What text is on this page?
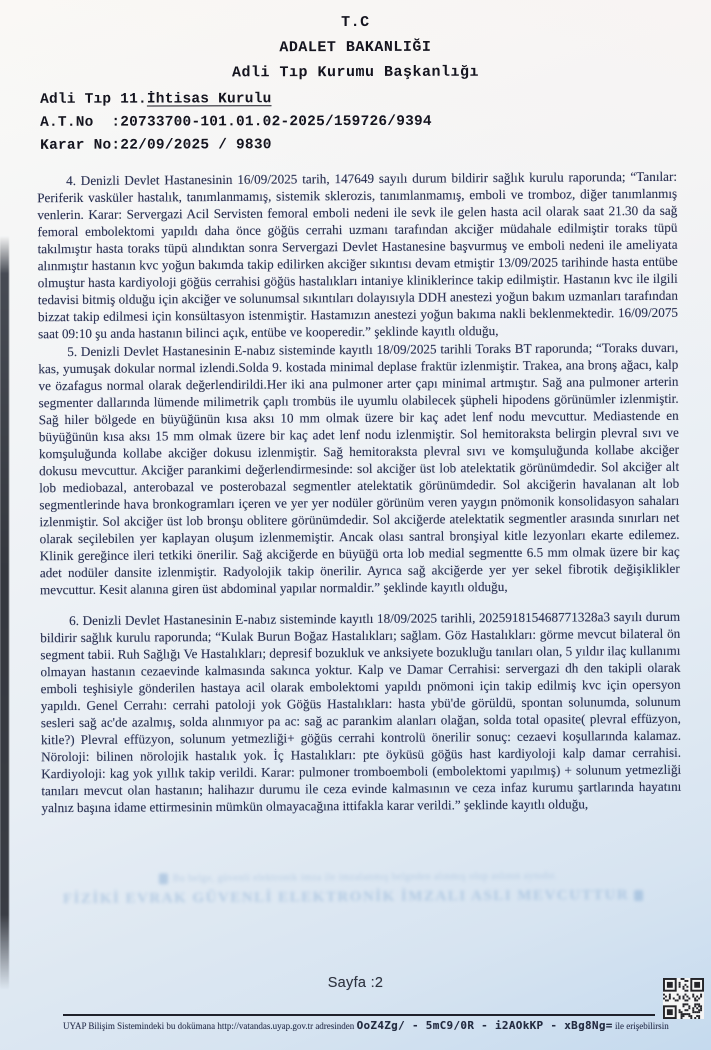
T.C
ADALET BAKANLIĞI
Adli Tıp Kurumu Başkanlığı
Adli Tıp 11.İhtisas Kurulu
A.T.No  :20733700-101.01.02-2025/159726/9394
Karar No:22/09/2025 / 9830

4. Denizli Devlet Hastanesinin 16/09/2025 tarih, 147649 sayılı durum bildirir sağlık kurulu raporunda; “Tanılar: Periferik vasküler hastalık, tanımlanmamış, sistemik sklerozis, tanımlanmamış, emboli ve tromboz, diğer tanımlanmış venlerin. Karar: Servergazi Acil Servisten femoral emboli nedeni ile sevk ile gelen hasta acil olarak saat 21.30 da sağ femoral embolektomi yapıldı daha önce göğüs cerrahi uzmanı tarafından akciğer müdahale edilmiştir toraks tüpü takılmıştır hasta toraks tüpü alındıktan sonra Servergazi Devlet Hastanesine başvurmuş ve emboli nedeni ile ameliyata alınmıştır hastanın kvc yoğun bakımda takip edilirken akciğer sıkıntısı devam etmiştir 13/09/2025 tarihinde hasta entübe olmuştur hasta kardiyoloji göğüs cerrahisi göğüs hastalıkları intaniye kliniklerince takip edilmiştir. Hastanın kvc ile ilgili tedavisi bitmiş olduğu için akciğer ve solunumsal sıkıntıları dolayısıyla DDH anestezi yoğun bakım uzmanları tarafından bizzat takip edilmesi için konsültasyon istenmiştir. Hastamızın anestezi yoğun bakıma nakli beklenmektedir. 16/09/2075 saat 09:10 şu anda hastanın bilinci açık, entübe ve kooperedir.” şeklinde kayıtlı olduğu,

5. Denizli Devlet Hastanesinin E-nabız sisteminde kayıtlı 18/09/2025 tarihli Toraks BT raporunda; “Toraks duvarı, kas, yumuşak dokular normal izlendi.Solda 9. kostada minimal deplase fraktür izlenmiştir. Trakea, ana bronş ağacı, kalp ve özafagus normal olarak değerlendirildi.Her iki ana pulmoner arter çapı minimal artmıştır. Sağ ana pulmoner arterin segmenter dallarında lümende milimetrik çaplı trombüs ile uyumlu olabilecek şüpheli hipodens görünümler izlenmiştir. Sağ hiler bölgede en büyüğünün kısa aksı 10 mm olmak üzere bir kaç adet lenf nodu mevcuttur. Mediastende en büyüğünün kısa aksı 15 mm olmak üzere bir kaç adet lenf nodu izlenmiştir. Sol hemitoraksta belirgin plevral sıvı ve komşuluğunda kollabe akciğer dokusu izlenmiştir. Sağ hemitoraksta plevral sıvı ve komşuluğunda kollabe akciğer dokusu mevcuttur. Akciğer parankimi değerlendirmesinde: sol akciğer üst lob atelektatik görünümdedir. Sol akciğer alt lob mediobazal, anterobazal ve posterobazal segmentler atelektatik görünümdedir. Sol akciğerin havalanan alt lob segmentlerinde hava bronkogramları içeren ve yer yer nodüler görünüm veren yaygın pnömonik konsolidasyon sahaları izlenmiştir. Sol akciğer üst lob bronşu oblitere görünümdedir. Sol akciğerde atelektatik segmentler arasında sınırları net olarak seçilebilen yer kaplayan oluşum izlenmemiştir. Ancak olası santral bronşiyal kitle lezyonları ekarte edilemez. Klinik gereğince ileri tetkiki önerilir. Sağ akciğerde en büyüğü orta lob medial segmentte 6.5 mm olmak üzere bir kaç adet nodüler dansite izlenmiştir. Radyolojik takip önerilir. Ayrıca sağ akciğerde yer yer sekel fibrotik değişiklikler mevcuttur. Kesit alanına giren üst abdominal yapılar normaldir.” şeklinde kayıtlı olduğu,

6. Denizli Devlet Hastanesinin E-nabız sisteminde kayıtlı 18/09/2025 tarihli, 202591815468771328a3 sayılı durum bildirir sağlık kurulu raporunda; “Kulak Burun Boğaz Hastalıkları; sağlam. Göz Hastalıkları: görme mevcut bilateral ön segment tabii. Ruh Sağlığı Ve Hastalıkları; depresif bozukluk ve anksiyete bozukluğu tanıları olan, 5 yıldır ilaç kullanımı olmayan hastanın cezaevinde kalmasında sakınca yoktur. Kalp ve Damar Cerrahisi: servergazi dh den takipli olarak emboli teşhisiyle gönderilen hastaya acil olarak embolektomi yapıldı pnömoni için takip edilmiş kvc için opersyon yapıldı. Genel Cerrahı: cerrahi patoloji yok Göğüs Hastalıkları: hasta ybü'de görüldü, spontan solunumda, solunum sesleri sağ ac'de azalmış, solda alınmıyor pa ac: sağ ac parankim alanları olağan, solda total opasite( plevral effüzyon, kitle?) Plevral effüzyon, solunum yetmezliği+ göğüs cerrahi kontrolü önerilir sonuç: cezaevi koşullarında kalamaz. Nöroloji: bilinen nörolojik hastalık yok. İç Hastalıkları: pte öyküsü göğüs hast kardiyoloji kalp damar cerrahisi. Kardiyoloji: kag yok yıllık takip verildi. Karar: pulmoner tromboemboli (embolektomi yapılmış) + solunum yetmezliği tanıları mevcut olan hastanın; halihazır durumu ile ceza evinde kalmasının ve ceza infaz kurumu şartlarında hayatını yalnız başına idame ettirmesinin mümkün olmayacağına ittifakla karar verildi.” şeklinde kayıtlı olduğu,

Bu belge, güvenli elektronik imza ile imzalanmış belgeden alınmış olup aslının aynıdır.
FİZİKİ EVRAK GÜVENLİ ELEKTRONİK İMZALI ASLI MEVCUTTUR
Sayfa :2
UYAP Bilişim Sistemindeki bu dokümana http://vatandas.uyap.gov.tr adresinden OoZ4Zg/ - 5mC9/0R - i2AOkKP - xBg8Ng= ile erişebilirsin
